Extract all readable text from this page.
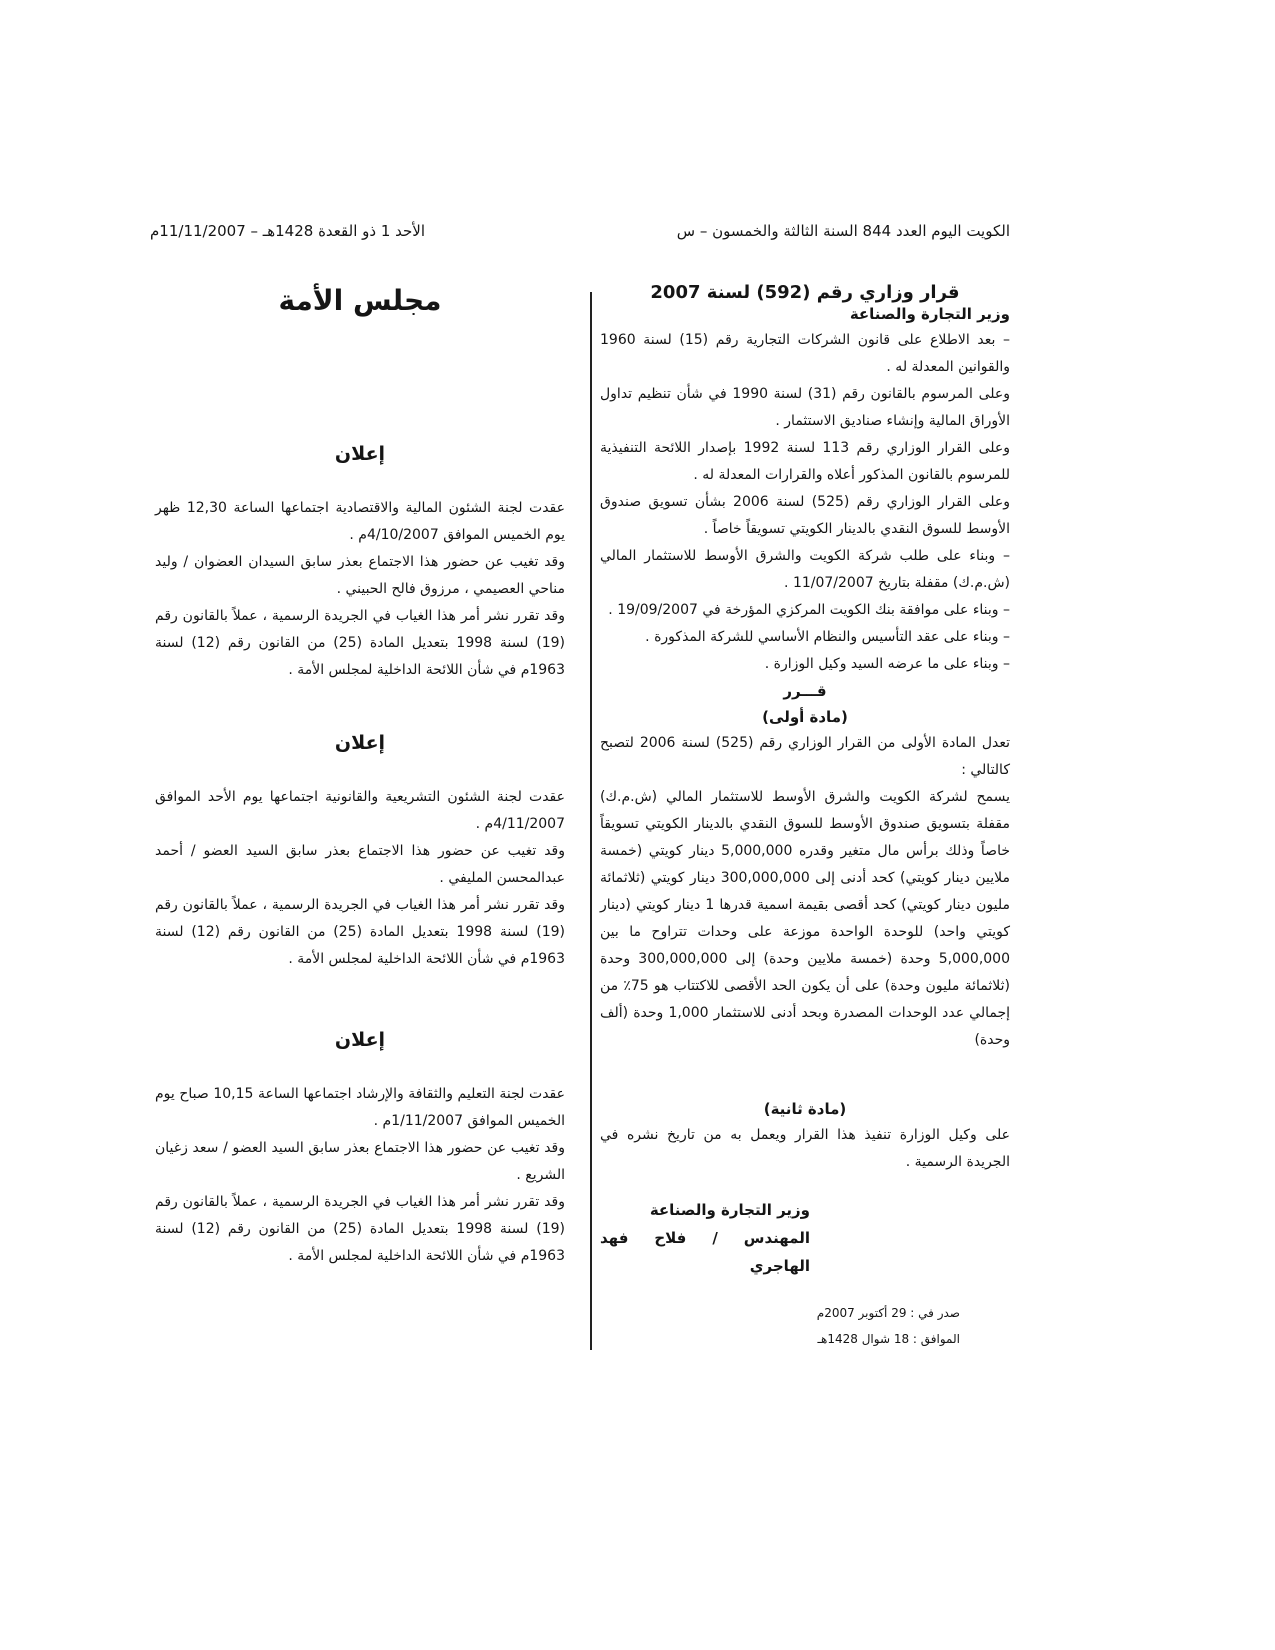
الكويت اليوم العدد 844 السنة الثالثة والخمسون – س
الأحد 1 ذو القعدة 1428هـ – 11/11/2007م

قرار وزاري رقم (592) لسنة 2007

وزير التجارة والصناعة

– بعد الاطلاع على قانون الشركات التجارية رقم (15) لسنة 1960 والقوانين المعدلة له .

وعلى المرسوم بالقانون رقم (31) لسنة 1990 في شأن تنظيم تداول الأوراق المالية وإنشاء صناديق الاستثمار .

وعلى القرار الوزاري رقم 113 لسنة 1992 بإصدار اللائحة التنفيذية للمرسوم بالقانون المذكور أعلاه والقرارات المعدلة له .

وعلى القرار الوزاري رقم (525) لسنة 2006 بشأن تسويق صندوق الأوسط للسوق النقدي بالدينار الكويتي تسويقاً خاصاً .

– وبناء على طلب شركة الكويت والشرق الأوسط للاستثمار المالي (ش.م.ك) مقفلة بتاريخ 11/07/2007 .

– وبناء على موافقة بنك الكويت المركزي المؤرخة في 19/09/2007 .

– وبناء على عقد التأسيس والنظام الأساسي للشركة المذكورة .

– وبناء على ما عرضه السيد وكيل الوزارة .

قـــرر

(مادة أولى)

تعدل المادة الأولى من القرار الوزاري رقم (525) لسنة 2006 لتصبح كالتالي :

يسمح لشركة الكويت والشرق الأوسط للاستثمار المالي (ش.م.ك) مقفلة بتسويق صندوق الأوسط للسوق النقدي بالدينار الكويتي تسويقاً خاصاً وذلك برأس مال متغير وقدره 5,000,000 دينار كويتي (خمسة ملايين دينار كويتي) كحد أدنى إلى 300,000,000 دينار كويتي (ثلاثمائة مليون دينار كويتي) كحد أقصى بقيمة اسمية قدرها 1 دينار كويتي (دينار كويتي واحد) للوحدة الواحدة موزعة على وحدات تتراوح ما بين 5,000,000 وحدة (خمسة ملايين وحدة) إلى 300,000,000 وحدة (ثلاثمائة مليون وحدة) على أن يكون الحد الأقصى للاكتتاب هو 75٪ من إجمالي عدد الوحدات المصدرة وبحد أدنى للاستثمار 1,000 وحدة (ألف وحدة)

(مادة ثانية)

على وكيل الوزارة تنفيذ هذا القرار ويعمل به من تاريخ نشره في الجريدة الرسمية .

وزير التجارة والصناعة

المهندس / فلاح فهد الهاجري

صدر في : 29 أكتوبر 2007م

الموافق : 18 شوال 1428هـ

مجلس الأمة

إعلان

عقدت لجنة الشئون المالية والاقتصادية اجتماعها الساعة 12,30 ظهر يوم الخميس الموافق 4/10/2007م .

وقد تغيب عن حضور هذا الاجتماع بعذر سابق السيدان العضوان / وليد مناحي العصيمي ، مرزوق فالح الحبيني .

وقد تقرر نشر أمر هذا الغياب في الجريدة الرسمية ، عملاً بالقانون رقم (19) لسنة 1998 بتعديل المادة (25) من القانون رقم (12) لسنة 1963م في شأن اللائحة الداخلية لمجلس الأمة .

إعلان

عقدت لجنة الشئون التشريعية والقانونية اجتماعها يوم الأحد الموافق 4/11/2007م .

وقد تغيب عن حضور هذا الاجتماع بعذر سابق السيد العضو / أحمد عبدالمحسن المليفي .

وقد تقرر نشر أمر هذا الغياب في الجريدة الرسمية ، عملاً بالقانون رقم (19) لسنة 1998 بتعديل المادة (25) من القانون رقم (12) لسنة 1963م في شأن اللائحة الداخلية لمجلس الأمة .

إعلان

عقدت لجنة التعليم والثقافة والإرشاد اجتماعها الساعة 10,15 صباح يوم الخميس الموافق 1/11/2007م .

وقد تغيب عن حضور هذا الاجتماع بعذر سابق السيد العضو / سعد زغيان الشريع .

وقد تقرر نشر أمر هذا الغياب في الجريدة الرسمية ، عملاً بالقانون رقم (19) لسنة 1998 بتعديل المادة (25) من القانون رقم (12) لسنة 1963م في شأن اللائحة الداخلية لمجلس الأمة .
